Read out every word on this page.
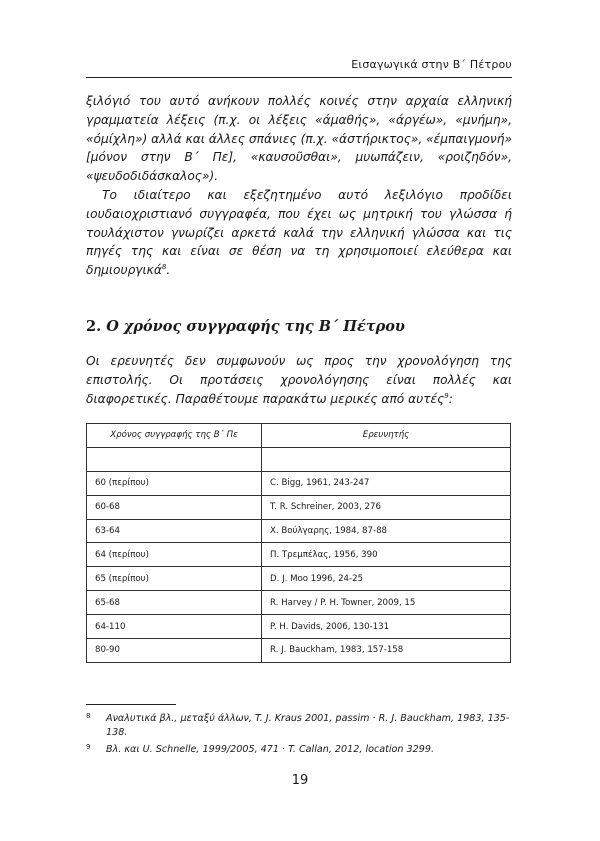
Εισαγωγικά στην Β΄ Πέτρου

ξιλόγιό του αυτό ανήκουν πολλές κοινές στην αρχαία ελληνική γραμματεία λέξεις (π.χ. οι λέξεις «άμαθής», «άργέω», «μνήμη», «όμίχλη») αλλά και άλλες σπάνιες (π.χ. «άστήρικτος», «έμπαιγμονή» [μόνον στην Β΄ Πε], «καυσοῦσθαι», μυωπάζειν, «ροιζηδόν», «ψευδοδιδάσκαλος»).

Το ιδιαίτερο και εξεζητημένο αυτό λεξιλόγιο προδίδει ιουδαιοχριστιανό συγγραφέα, που έχει ως μητρική του γλώσσα ή τουλάχιστον γνωρίζει αρκετά καλά την ελληνική γλώσσα και τις πηγές της και είναι σε θέση να τη χρησιμοποιεί ελεύθερα και δημιουργικά$^8$.

2. Ο χρόνος συγγραφής της Β΄ Πέτρου

Οι ερευνητές δεν συμφωνούν ως προς την χρονολόγηση της επιστολής. Οι προτάσεις χρονολόγησης είναι πολλές και διαφορετικές. Παραθέτουμε παρακάτω μερικές από αυτές$^9$:

Χρόνος συγγραφής της Β΄ Πε	Ερευνητής

60 (περίπου)	C. Bigg, 1961, 243-247
60-68	T. R. Schreiner, 2003, 276
63-64	Χ. Βούλγαρης, 1984, 87-88
64 (περίπου)	Π. Τρεμπέλας, 1956, 390
65 (περίπου)	D. J. Moo 1996, 24-25
65-68	R. Harvey / P. H. Towner, 2009, 15
64-110	P. H. Davids, 2006, 130-131
80-90	R. J. Bauckham, 1983, 157-158
8 Αναλυτικά βλ., μεταξύ άλλων, T. J. Kraus 2001, passim · R. J. Bauckham, 1983, 135-138.
9 Βλ. και U. Schnelle, 1999/2005, 471 · T. Callan, 2012, location 3299.
19
